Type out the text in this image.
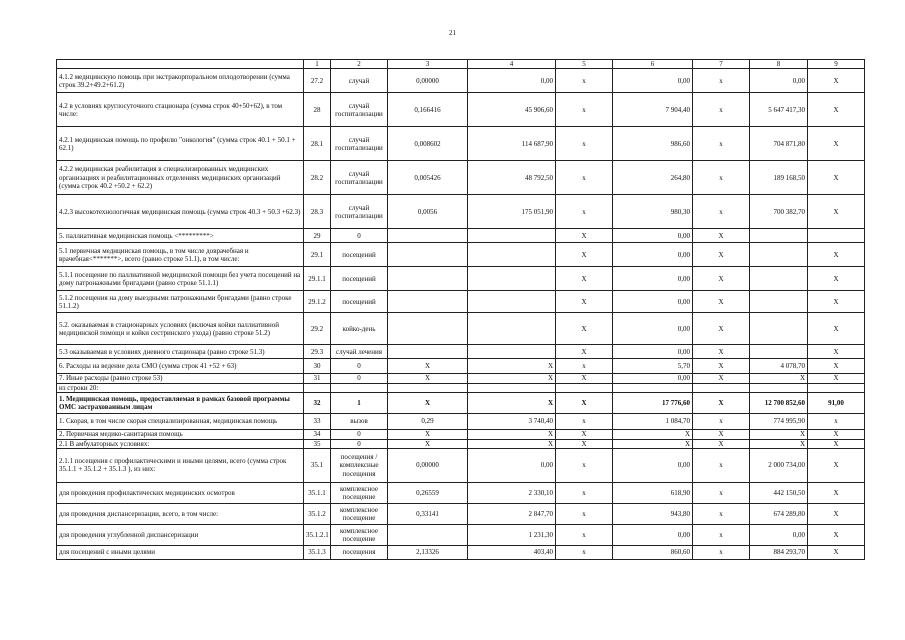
21
	1	2	3	4	5	6	7	8	9
4.1.2 медицинскую помощь при экстракорпоральном оплодотворении (сумма строк 39.2+49.2+61.2)	27.2	случай	0,00000	0,00	x	0,00	x	0,00	X
4.2 в условиях круглосуточного стационара (сумма строк 40+50+62), в том числе:	28	случай госпитализации	0,166416	45 906,60	x	7 904,40	x	5 647 417,30	X
4.2.1 медицинская помощь по профилю "онкология" (сумма строк 40.1 + 50.1 + 62.1)	28.1	случай госпитализации	0,008602	114 687,90	x	986,60	x	704 871,80	X
4.2.2 медицинская реабилитация в специализированных медицинских организациях и реабилитационных отделениях медицинских организаций (сумма строк 40.2 +50.2 + 62.2)	28.2	случай госпитализации	0,005426	48 792,50	x	264,80	x	189 168,50	X
4.2.3 высокотехнологичная медицинская помощь (сумма строк 40.3 + 50.3 +62.3)	28.3	случай госпитализации	0,0056	175 051,90	x	980,30	x	700 382,70	X
5. паллиативная медицинская помощь <*********>	29	0			X	0,00	X		
5.1 первичная медицинская помощь, в том числе доврачебная и врачебная<*******>, всего (равно строке 51.1), в том числе:	29.1	посещений			X	0,00	X		X
5.1.1 посещение по паллиативной медицинской помощи без учета посещений на дому патронажными бригадами (равно строке 51.1.1)	29.1.1	посещений			X	0,00	X		X
5.1.2 посещения на дому выездными патронажными бригадами (равно строке 51.1.2)	29.1.2	посещений			X	0,00	X		X
5.2. оказываемая в стационарных условиях (включая койки паллиативной медицинской помощи и койки сестринского ухода) (равно строке 51.2)	29.2	койко-день			X	0,00	X		X
5.3 оказываемая в условиях дневного стационара (равно строке 51.3)	29.3	случай лечения			X	0,00	X		X
6. Расходы на ведение дела СМО (сумма строк 41 +52 + 63)	30	0	X	X	x	5,70	X	4 078,70	X
7. Иные расходы (равно строке 53)	31	0	X	X	X	0,00	X	X	X
из строки 20:									
1. Медицинская помощь, предоставляемая в рамках базовой программы ОМС застрахованным лицам	32	1	X	X	X	17 776,60	X	12 700 852,60	91,00
1. Скорая, в том числе скорая специализированная, медицинская помощь	33	вызов	0,29	3 740,40	x	1 084,70	x	774 995,90	x
2. Первичная медико-санитарная помощь	34	0	X	X	X	X	X	X	X
2.1 В амбулаторных условиях:	35	0	X	X	X	X	X	X	X
2.1.1 посещения с профилактическими и иными целями, всего (сумма строк 35.1.1 + 35.1.2 + 35.1.3 ), из них:	35.1	посещения / комплексные посещения	0,00000	0,00	x	0,00	x	2 000 734,00	X
для проведения профилактических медицинских осмотров	35.1.1	комплексное посещение	0,26559	2 330,10	x	618,90	x	442 150,50	X
для проведения диспансеризации, всего, в том числе:	35.1.2	комплексное посещение	0,33141	2 847,70	x	943,80	x	674 289,80	X
для проведения углубленной диспансеризации	35.1.2.1	комплексное посещение		1 231,30	x	0,00	x	0,00	X
для посещений с иными целями	35.1.3	посещения	2,13326	403,40	x	860,60	x	884 293,70	X
